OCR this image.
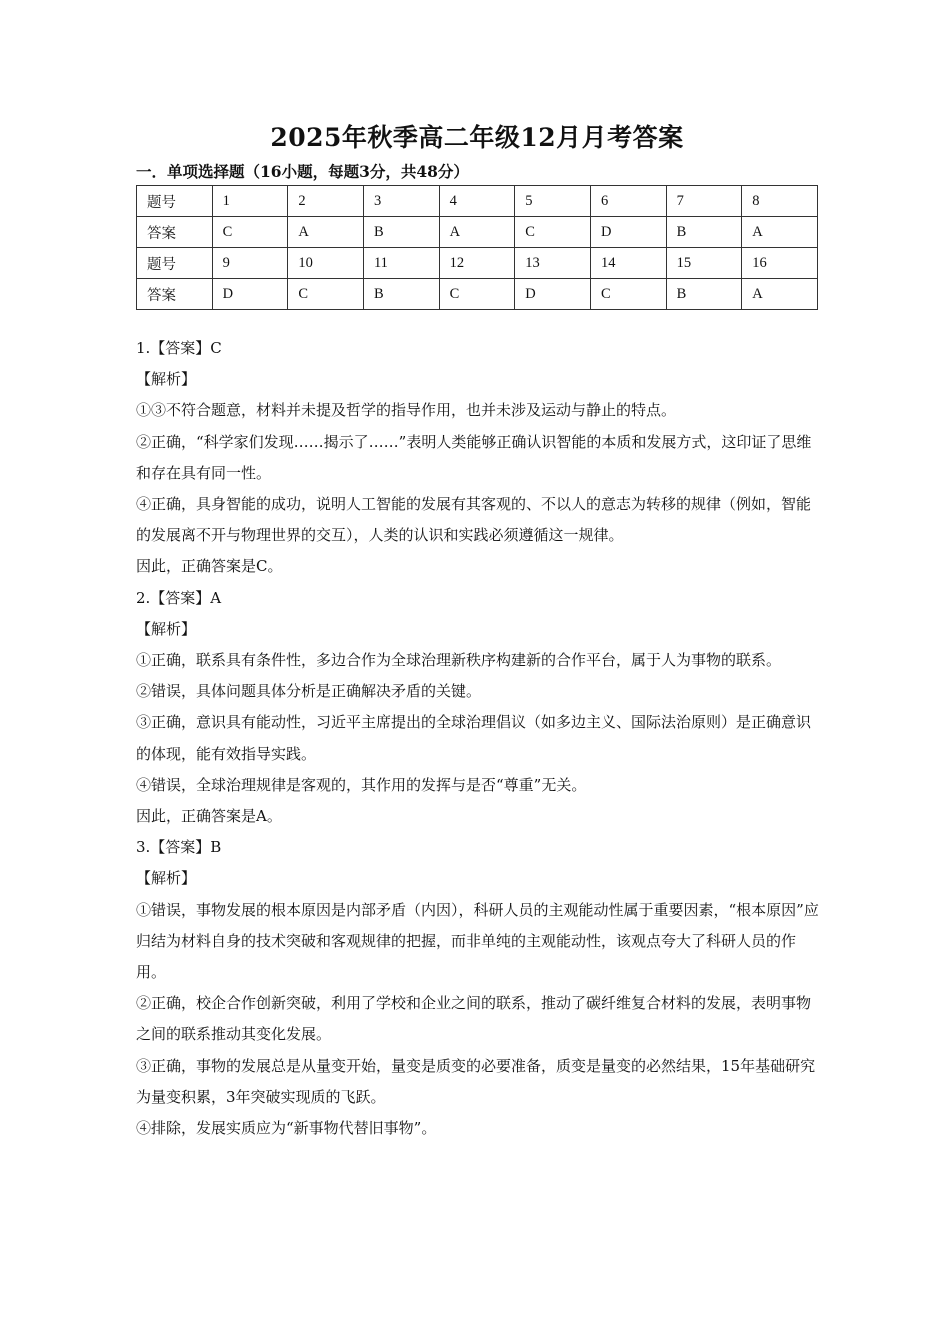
2025年秋季高二年级12月月考答案

一．单项选择题（16小题，每题3分，共48分）

题号	1	2	3	4	5	6	7	8
答案	C	A	B	A	C	D	B	A
题号	9	10	11	12	13	14	15	16
答案	D	C	B	C	D	C	B	A

1.【答案】C

【解析】

①③不符合题意，材料并未提及哲学的指导作用，也并未涉及运动与静止的特点。

②正确，“科学家们发现……揭示了……”表明人类能够正确认识智能的本质和发展方式，这印证了思维和存在具有同一性。

④正确，具身智能的成功，说明人工智能的发展有其客观的、不以人的意志为转移的规律（例如，智能的发展离不开与物理世界的交互），人类的认识和实践必须遵循这一规律。

因此，正确答案是C。

2.【答案】A

【解析】

①正确，联系具有条件性，多边合作为全球治理新秩序构建新的合作平台，属于人为事物的联系。

②错误，具体问题具体分析是正确解决矛盾的关键。

③正确，意识具有能动性，习近平主席提出的全球治理倡议（如多边主义、国际法治原则）是正确意识的体现，能有效指导实践。

④错误，全球治理规律是客观的，其作用的发挥与是否“尊重”无关。

因此，正确答案是A。

3.【答案】B

【解析】

①错误，事物发展的根本原因是内部矛盾（内因），科研人员的主观能动性属于重要因素，“根本原因”应归结为材料自身的技术突破和客观规律的把握，而非单纯的主观能动性，该观点夸大了科研人员的作用。

②正确，校企合作创新突破，利用了学校和企业之间的联系，推动了碳纤维复合材料的发展，表明事物之间的联系推动其变化发展。

③正确，事物的发展总是从量变开始，量变是质变的必要准备，质变是量变的必然结果，15年基础研究为量变积累，3年突破实现质的飞跃。

④排除，发展实质应为“新事物代替旧事物”。
